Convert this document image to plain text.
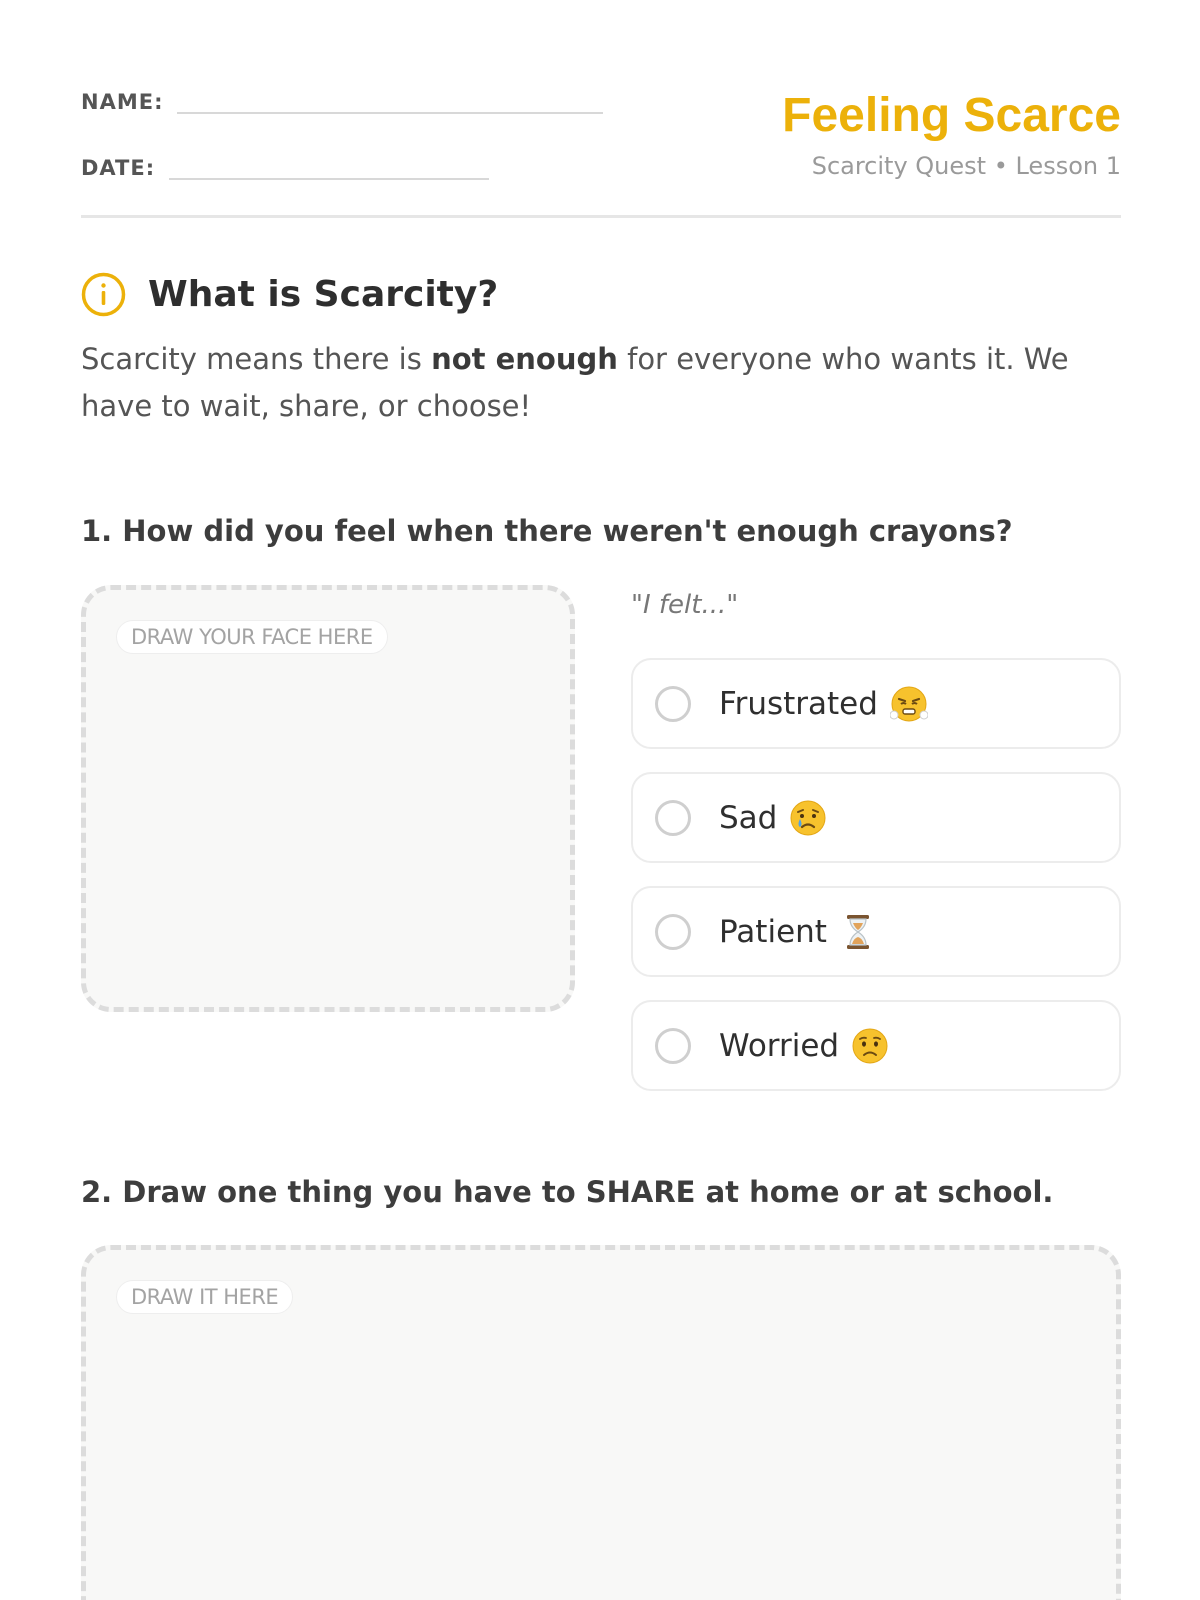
NAME:
DATE:
Feeling Scarce
Scarcity Quest • Lesson 1
What is Scarcity?
Scarcity means there is not enough for everyone who wants it. We have to wait, share, or choose!
1. How did you feel when there weren't enough crayons?
DRAW YOUR FACE HERE
"I felt..."
Frustrated
Sad
Patient
Worried
2. Draw one thing you have to SHARE at home or at school.
DRAW IT HERE
